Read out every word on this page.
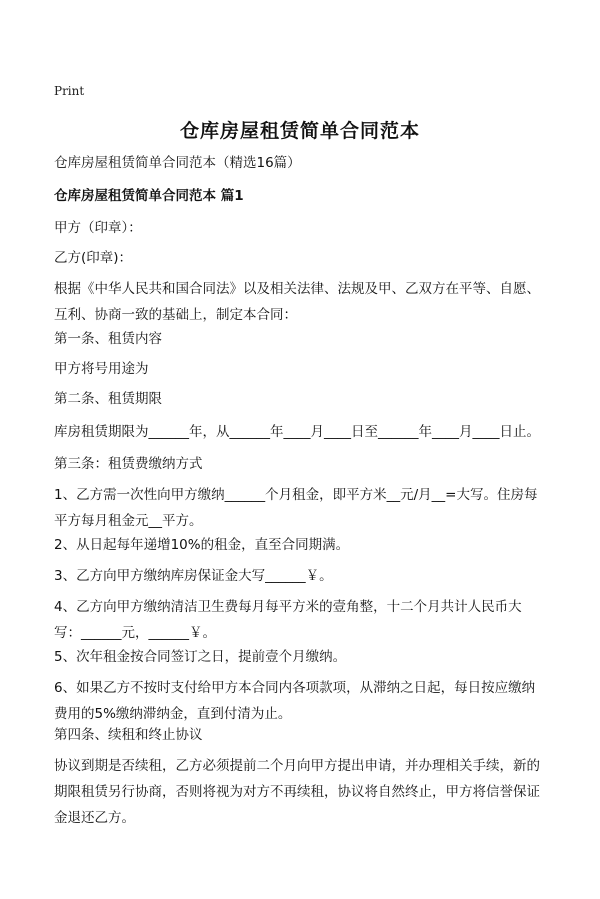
Print
仓库房屋租赁简单合同范本
仓库房屋租赁简单合同范本（精选16篇）
仓库房屋租赁简单合同范本 篇1
甲方（印章）：
乙方(印章)：
根据《中华人民共和国合同法》以及相关法律、法规及甲、乙双方在平等、自愿、互利、协商一致的基础上，制定本合同：
第一条、租赁内容
甲方将号用途为
第二条、租赁期限
库房租赁期限为______年，从______年____月____日至______年____月____日止。
第三条：租赁费缴纳方式
1、乙方需一次性向甲方缴纳______个月租金，即平方米__元/月__=大写。住房每平方每月租金元__平方。
2、从日起每年递增10%的租金，直至合同期满。
3、乙方向甲方缴纳库房保证金大写______￥。
4、乙方向甲方缴纳清洁卫生费每月每平方米的壹角整，十二个月共计人民币大写：______元，______￥。
5、次年租金按合同签订之日，提前壹个月缴纳。
6、如果乙方不按时支付给甲方本合同内各项款项，从滞纳之日起，每日按应缴纳费用的5%缴纳滞纳金，直到付清为止。
第四条、续租和终止协议
协议到期是否续租，乙方必须提前二个月向甲方提出申请，并办理相关手续，新的期限租赁另行协商，否则将视为对方不再续租，协议将自然终止，甲方将信誉保证金退还乙方。
